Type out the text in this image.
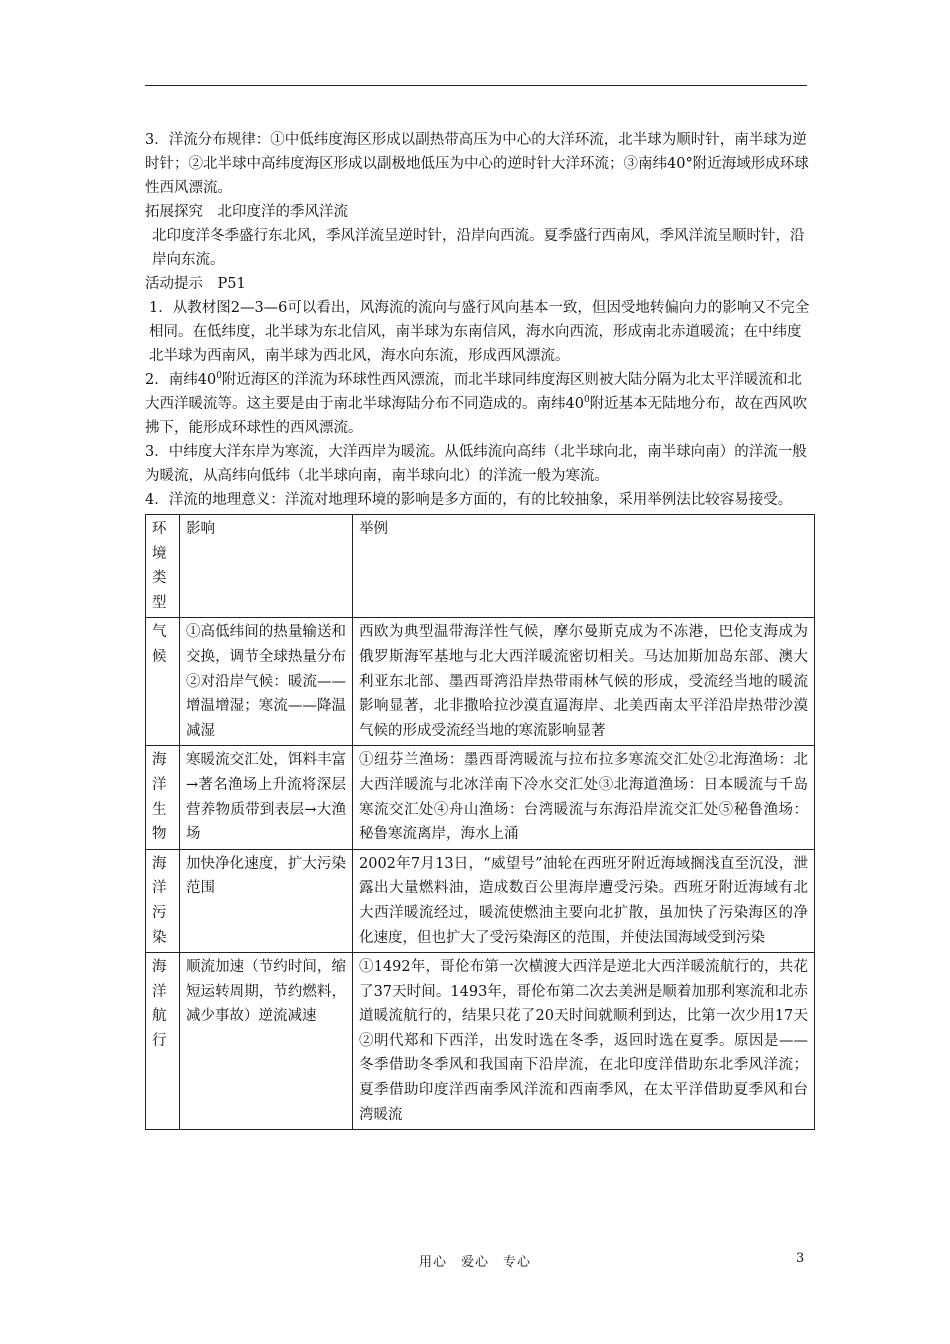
3．洋流分布规律：①中低纬度海区形成以副热带高压为中心的大洋环流，北半球为顺时针，南半球为逆时针；②北半球中高纬度海区形成以副极地低压为中心的逆时针大洋环流；③南纬40°附近海域形成环球性西风漂流。

拓展探究　北印度洋的季风洋流

北印度洋冬季盛行东北风，季风洋流呈逆时针，沿岸向西流。夏季盛行西南风，季风洋流呈顺时针，沿岸向东流。

活动提示　P51

1．从教材图2—3—6可以看出，风海流的流向与盛行风向基本一致，但因受地转偏向力的影响又不完全相同。在低纬度，北半球为东北信风，南半球为东南信风，海水向西流，形成南北赤道暖流；在中纬度北半球为西南风，南半球为西北风，海水向东流，形成西风漂流。

2．南纬$40^0$附近海区的洋流为环球性西风漂流，而北半球同纬度海区则被大陆分隔为北太平洋暖流和北大西洋暖流等。这主要是由于南北半球海陆分布不同造成的。南纬$40^0$附近基本无陆地分布，故在西风吹拂下，能形成环球性的西风漂流。

3．中纬度大洋东岸为寒流，大洋西岸为暖流。从低纬流向高纬（北半球向北，南半球向南）的洋流一般为暖流，从高纬向低纬（北半球向南，南半球向北）的洋流一般为寒流。

4．洋流的地理意义：洋流对地理环境的影响是多方面的，有的比较抽象，采用举例法比较容易接受。

环境类型	影响	举例
气候	①高低纬间的热量输送和交换，调节全球热量分布②对沿岸气候：暖流——增温增湿；寒流——降温减湿	西欧为典型温带海洋性气候，摩尔曼斯克成为不冻港，巴伦支海成为俄罗斯海军基地与北大西洋暖流密切相关。马达加斯加岛东部、澳大利亚东北部、墨西哥湾沿岸热带雨林气候的形成，受流经当地的暖流影响显著，北非撒哈拉沙漠直逼海岸、北美西南太平洋沿岸热带沙漠气候的形成受流经当地的寒流影响显著
海洋生物	寒暖流交汇处，饵料丰富→著名渔场上升流将深层营养物质带到表层→大渔场	①纽芬兰渔场：墨西哥湾暖流与拉布拉多寒流交汇处②北海渔场：北大西洋暖流与北冰洋南下冷水交汇处③北海道渔场：日本暖流与千岛寒流交汇处④舟山渔场：台湾暖流与东海沿岸流交汇处⑤秘鲁渔场：秘鲁寒流离岸，海水上涌
海洋污染	加快净化速度，扩大污染范围	2002年7月13日，“威望号”油轮在西班牙附近海域搁浅直至沉没，泄露出大量燃料油，造成数百公里海岸遭受污染。西班牙附近海域有北大西洋暖流经过，暖流使燃油主要向北扩散，虽加快了污染海区的净化速度，但也扩大了受污染海区的范围，并使法国海域受到污染
海洋航行	顺流加速（节约时间，缩短运转周期，节约燃料，减少事故）逆流减速	①1492年，哥伦布第一次横渡大西洋是逆北大西洋暖流航行的，共花了37天时间。1493年，哥伦布第二次去美洲是顺着加那利寒流和北赤道暖流航行的，结果只花了20天时间就顺利到达，比第一次少用17天②明代郑和下西洋，出发时选在冬季，返回时选在夏季。原因是——冬季借助冬季风和我国南下沿岸流，在北印度洋借助东北季风洋流；夏季借助印度洋西南季风洋流和西南季风，在太平洋借助夏季风和台湾暖流
用心　爱心　专心	3
